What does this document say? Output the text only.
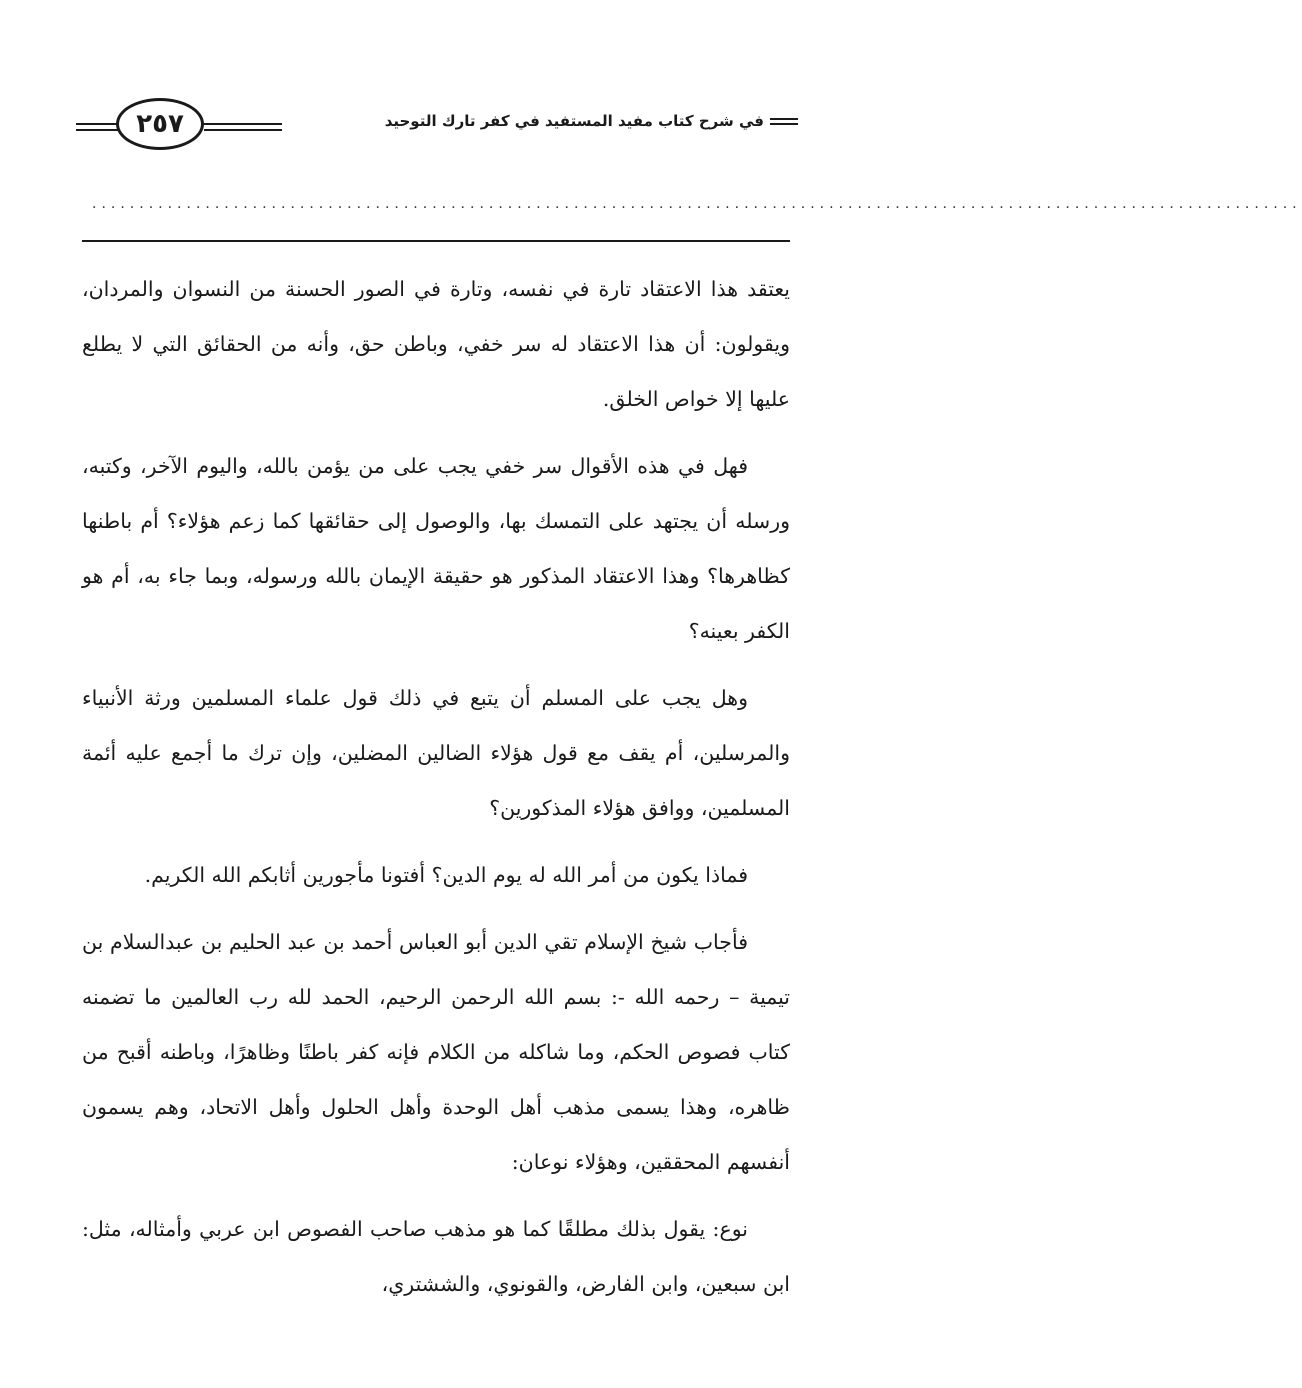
في شرح كتاب مفيد المستفيد في كفر تارك التوحيد
٢٥٧
................................................................................................................................

يعتقد هذا الاعتقاد تارة في نفسه، وتارة في الصور الحسنة من النسوان والمردان، ويقولون: أن هذا الاعتقاد له سر خفي، وباطن حق، وأنه من الحقائق التي لا يطلع عليها إلا خواص الخلق.

فهل في هذه الأقوال سر خفي يجب على من يؤمن بالله، واليوم الآخر، وكتبه، ورسله أن يجتهد على التمسك بها، والوصول إلى حقائقها كما زعم هؤلاء؟ أم باطنها كظاهرها؟ وهذا الاعتقاد المذكور هو حقيقة الإيمان بالله ورسوله، وبما جاء به، أم هو الكفر بعينه؟

وهل يجب على المسلم أن يتبع في ذلك قول علماء المسلمين ورثة الأنبياء والمرسلين، أم يقف مع قول هؤلاء الضالين المضلين، وإن ترك ما أجمع عليه أئمة المسلمين، ووافق هؤلاء المذكورين؟

فماذا يكون من أمر الله له يوم الدين؟ أفتونا مأجورين أثابكم الله الكريم.

فأجاب شيخ الإسلام تقي الدين أبو العباس أحمد بن عبد الحليم بن عبدالسلام بن تيمية – رحمه الله -: بسم الله الرحمن الرحيم، الحمد لله رب العالمين ما تضمنه كتاب فصوص الحكم، وما شاكله من الكلام فإنه كفر باطنًا وظاهرًا، وباطنه أقبح من ظاهره، وهذا يسمى مذهب أهل الوحدة وأهل الحلول وأهل الاتحاد، وهم يسمون أنفسهم المحققين، وهؤلاء نوعان:

نوع: يقول بذلك مطلقًا كما هو مذهب صاحب الفصوص ابن عربي وأمثاله، مثل: ابن سبعين، وابن الفارض، والقونوي، والششتري،
